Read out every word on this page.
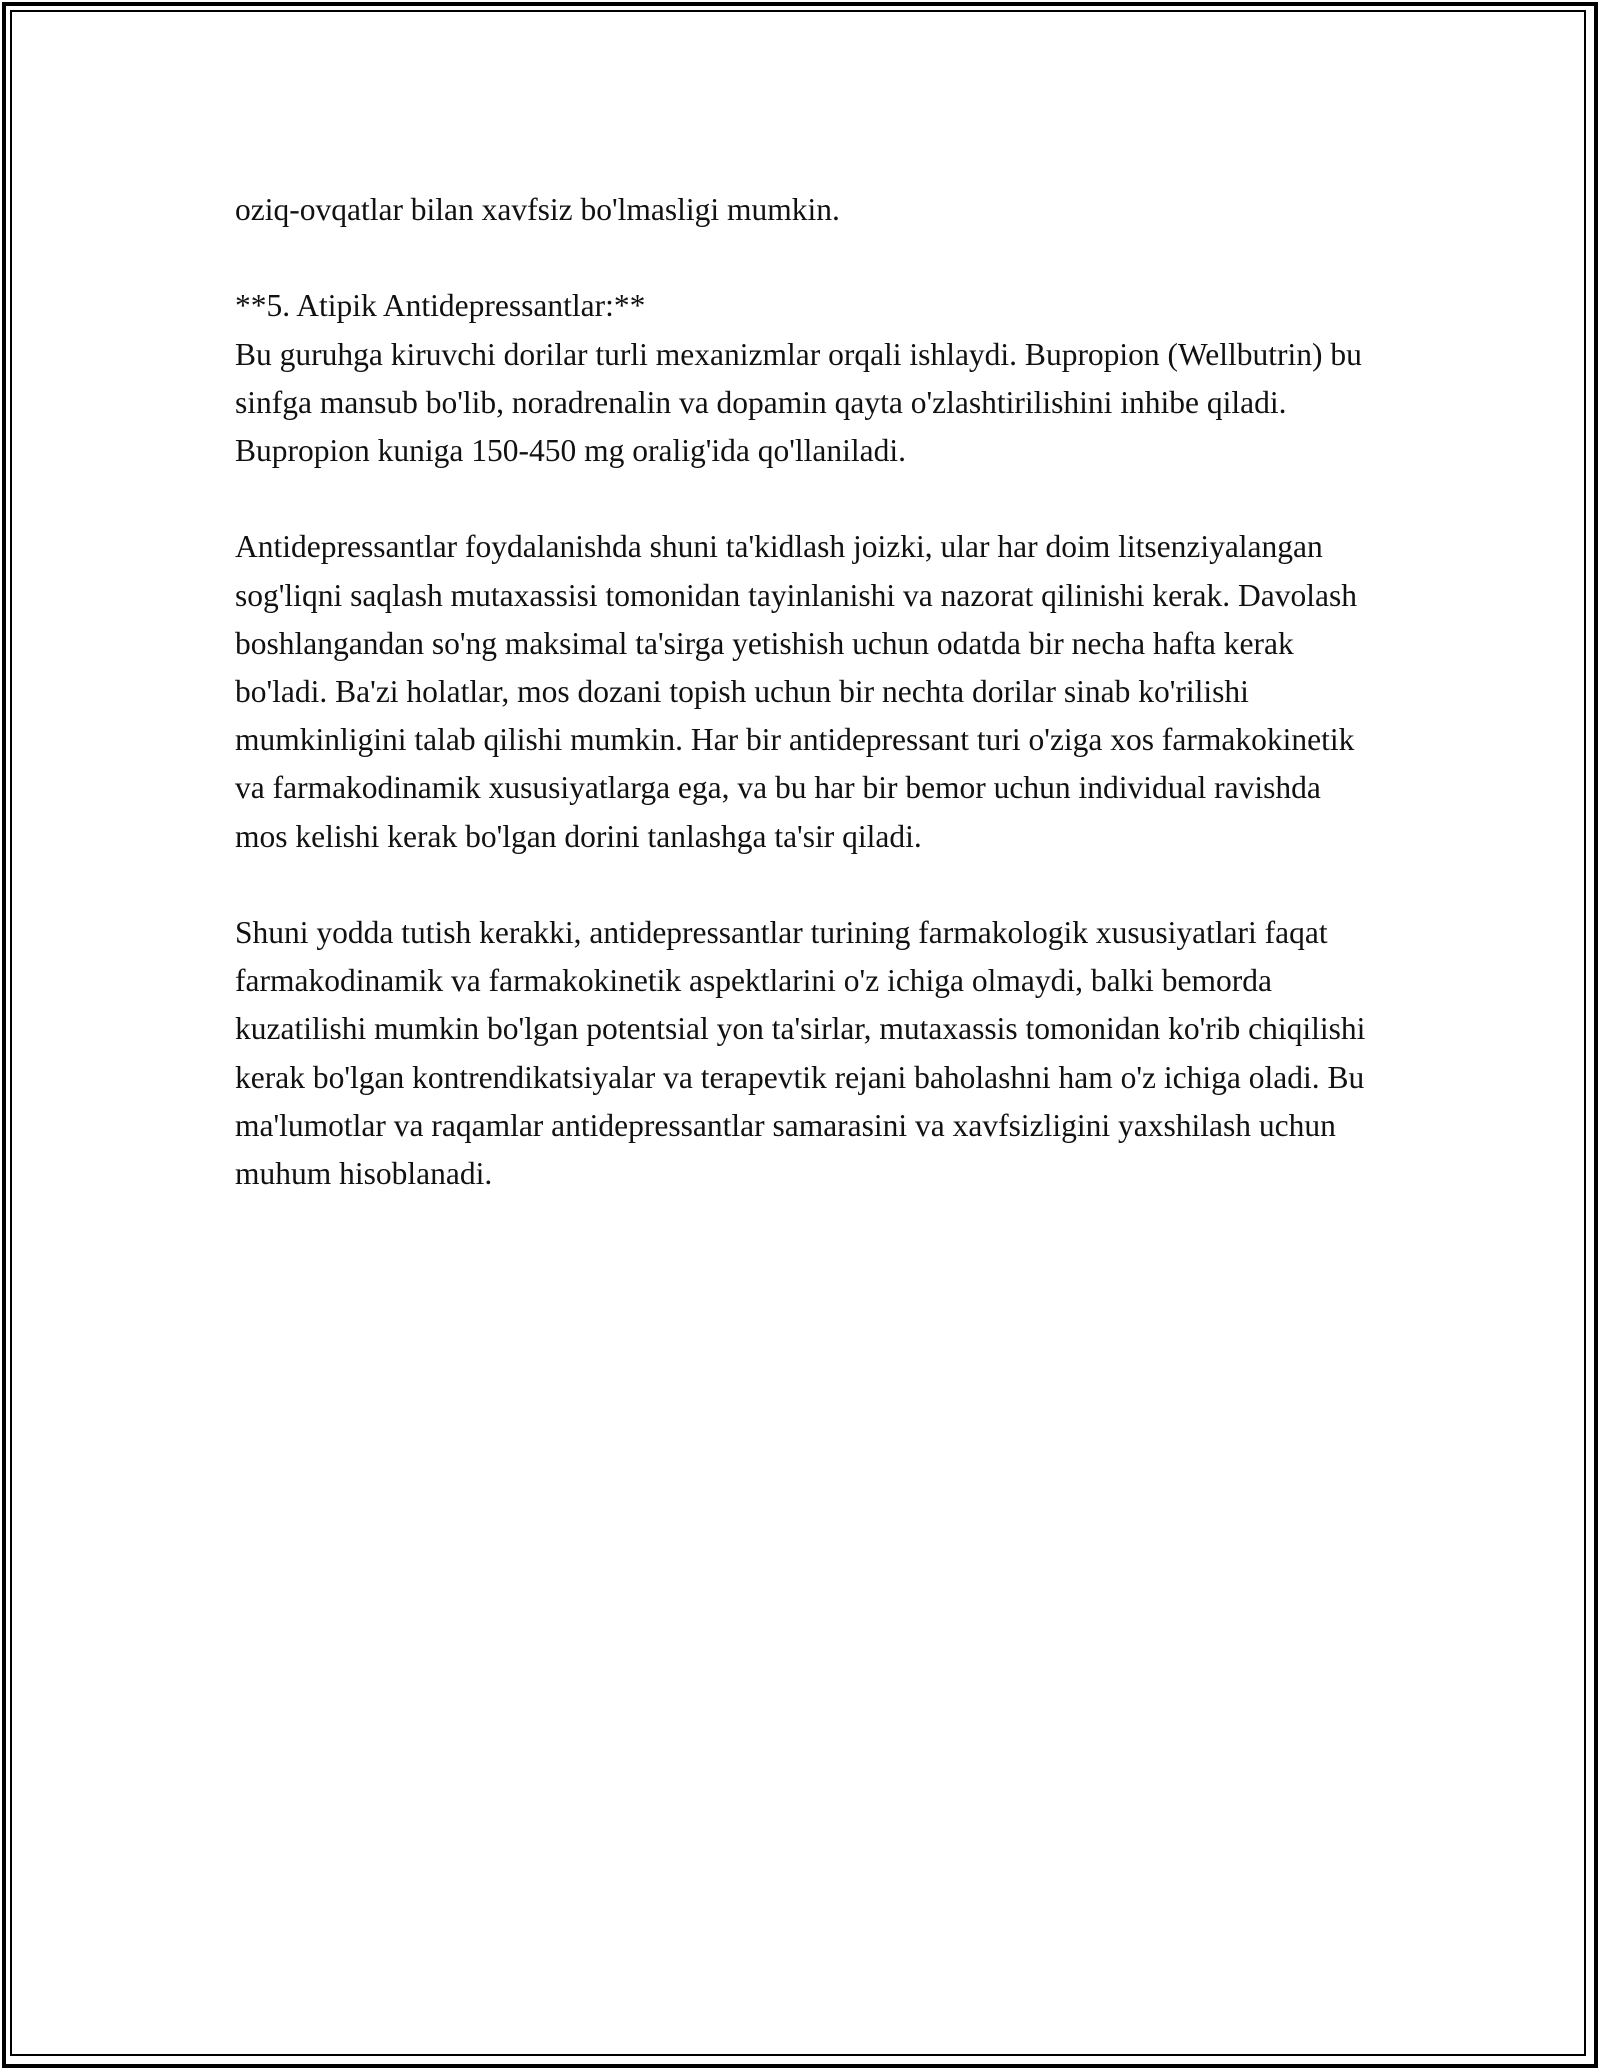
oziq-ovqatlar bilan xavfsiz bo'lmasligi mumkin.

**5. Atipik Antidepressantlar:**

Bu guruhga kiruvchi dorilar turli mexanizmlar orqali ishlaydi. Bupropion (Wellbutrin) bu sinfga mansub bo'lib, noradrenalin va dopamin qayta o'zlashtirilishini inhibe qiladi. Bupropion kuniga 150-450 mg oralig'ida qo'llaniladi.

Antidepressantlar foydalanishda shuni ta'kidlash joizki, ular har doim litsenziyalangan sog'liqni saqlash mutaxassisi tomonidan tayinlanishi va nazorat qilinishi kerak. Davolash boshlangandan so'ng maksimal ta'sirga yetishish uchun odatda bir necha hafta kerak bo'ladi. Ba'zi holatlar, mos dozani topish uchun bir nechta dorilar sinab ko'rilishi mumkinligini talab qilishi mumkin. Har bir antidepressant turi o'ziga xos farmakokinetik va farmakodinamik xususiyatlarga ega, va bu har bir bemor uchun individual ravishda mos kelishi kerak bo'lgan dorini tanlashga ta'sir qiladi.

Shuni yodda tutish kerakki, antidepressantlar turining farmakologik xususiyatlari faqat farmakodinamik va farmakokinetik aspektlarini o'z ichiga olmaydi, balki bemorda kuzatilishi mumkin bo'lgan potentsial yon ta'sirlar, mutaxassis tomonidan ko'rib chiqilishi kerak bo'lgan kontrendikatsiyalar va terapevtik rejani baholashni ham o'z ichiga oladi. Bu ma'lumotlar va raqamlar antidepressantlar samarasini va xavfsizligini yaxshilash uchun muhum hisoblanadi.
